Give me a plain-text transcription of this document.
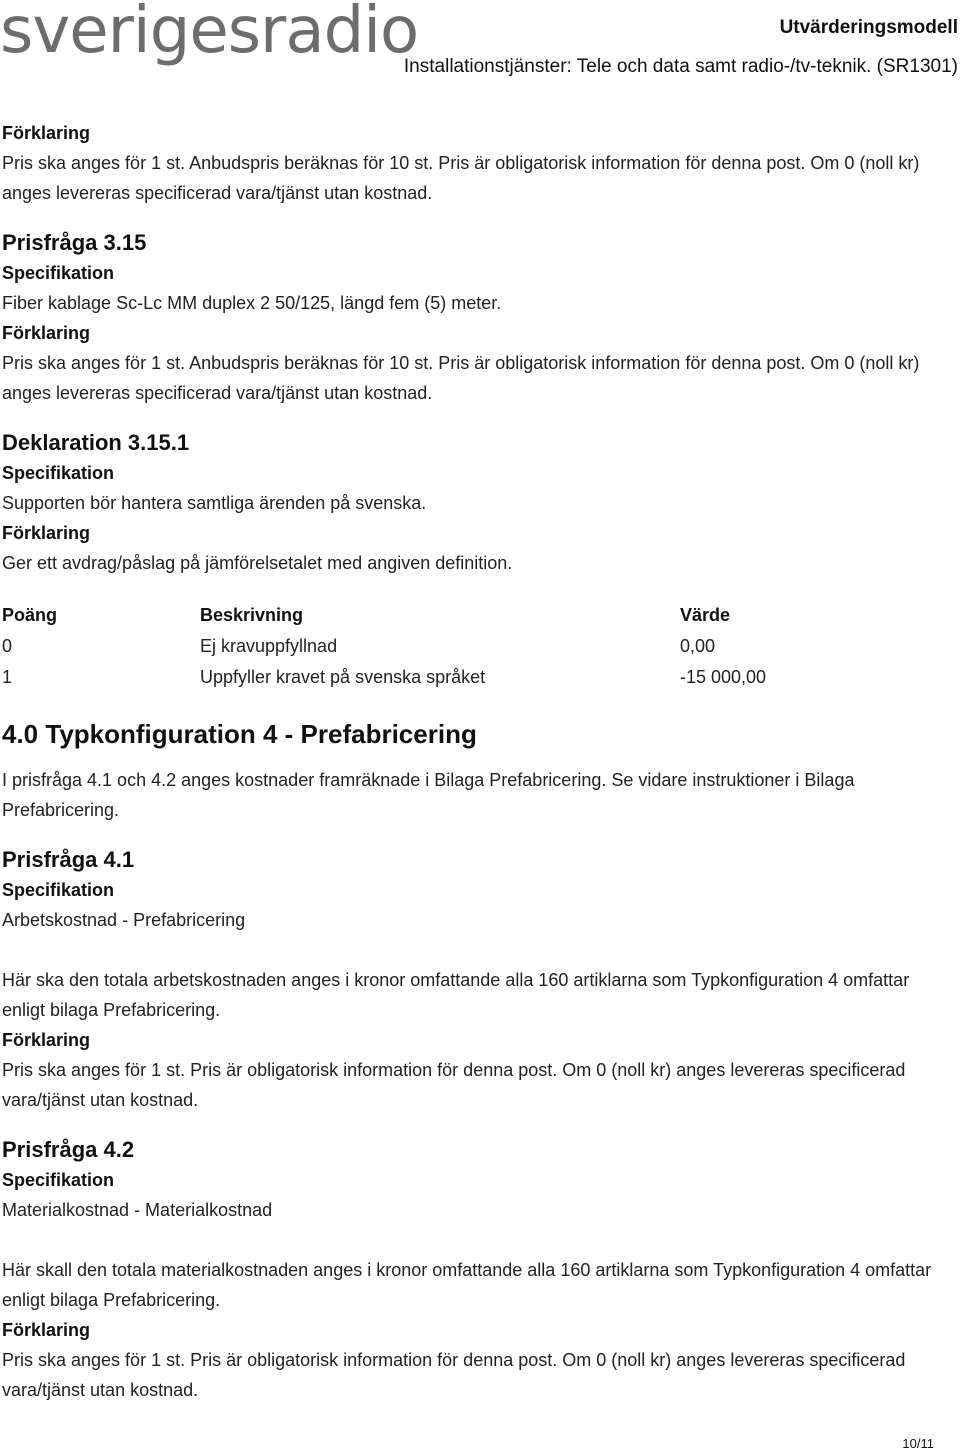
sverigesradio	Utvärderingsmodell
Installationstjänster: Tele och data samt radio-/tv-teknik. (SR1301)

Förklaring

Pris ska anges för 1 st. Anbudspris beräknas för 10 st. Pris är obligatorisk information för denna post. Om 0 (noll kr) anges levereras specificerad vara/tjänst utan kostnad.

Prisfråga 3.15

Specifikation

Fiber kablage Sc-Lc MM duplex 2 50/125, längd fem (5) meter.

Förklaring

Pris ska anges för 1 st. Anbudspris beräknas för 10 st. Pris är obligatorisk information för denna post. Om 0 (noll kr) anges levereras specificerad vara/tjänst utan kostnad.

Deklaration 3.15.1

Specifikation

Supporten bör hantera samtliga ärenden på svenska.

Förklaring

Ger ett avdrag/påslag på jämförelsetalet med angiven definition.

Poäng	Beskrivning	Värde
0	Ej kravuppfyllnad	0,00
1	Uppfyller kravet på svenska språket	-15 000,00

4.0 Typkonfiguration 4 - Prefabricering

I prisfråga 4.1 och 4.2 anges kostnader framräknade i Bilaga Prefabricering. Se vidare instruktioner i Bilaga Prefabricering.

Prisfråga 4.1

Specifikation

Arbetskostnad - Prefabricering

Här ska den totala arbetskostnaden anges i kronor omfattande alla 160 artiklarna som Typkonfiguration 4 omfattar enligt bilaga Prefabricering.

Förklaring

Pris ska anges för 1 st. Pris är obligatorisk information för denna post. Om 0 (noll kr) anges levereras specificerad vara/tjänst utan kostnad.

Prisfråga 4.2

Specifikation

Materialkostnad - Materialkostnad

Här skall den totala materialkostnaden anges i kronor omfattande alla 160 artiklarna som Typkonfiguration 4 omfattar enligt bilaga Prefabricering.

Förklaring

Pris ska anges för 1 st. Pris är obligatorisk information för denna post. Om 0 (noll kr) anges levereras specificerad vara/tjänst utan kostnad.

10/11
